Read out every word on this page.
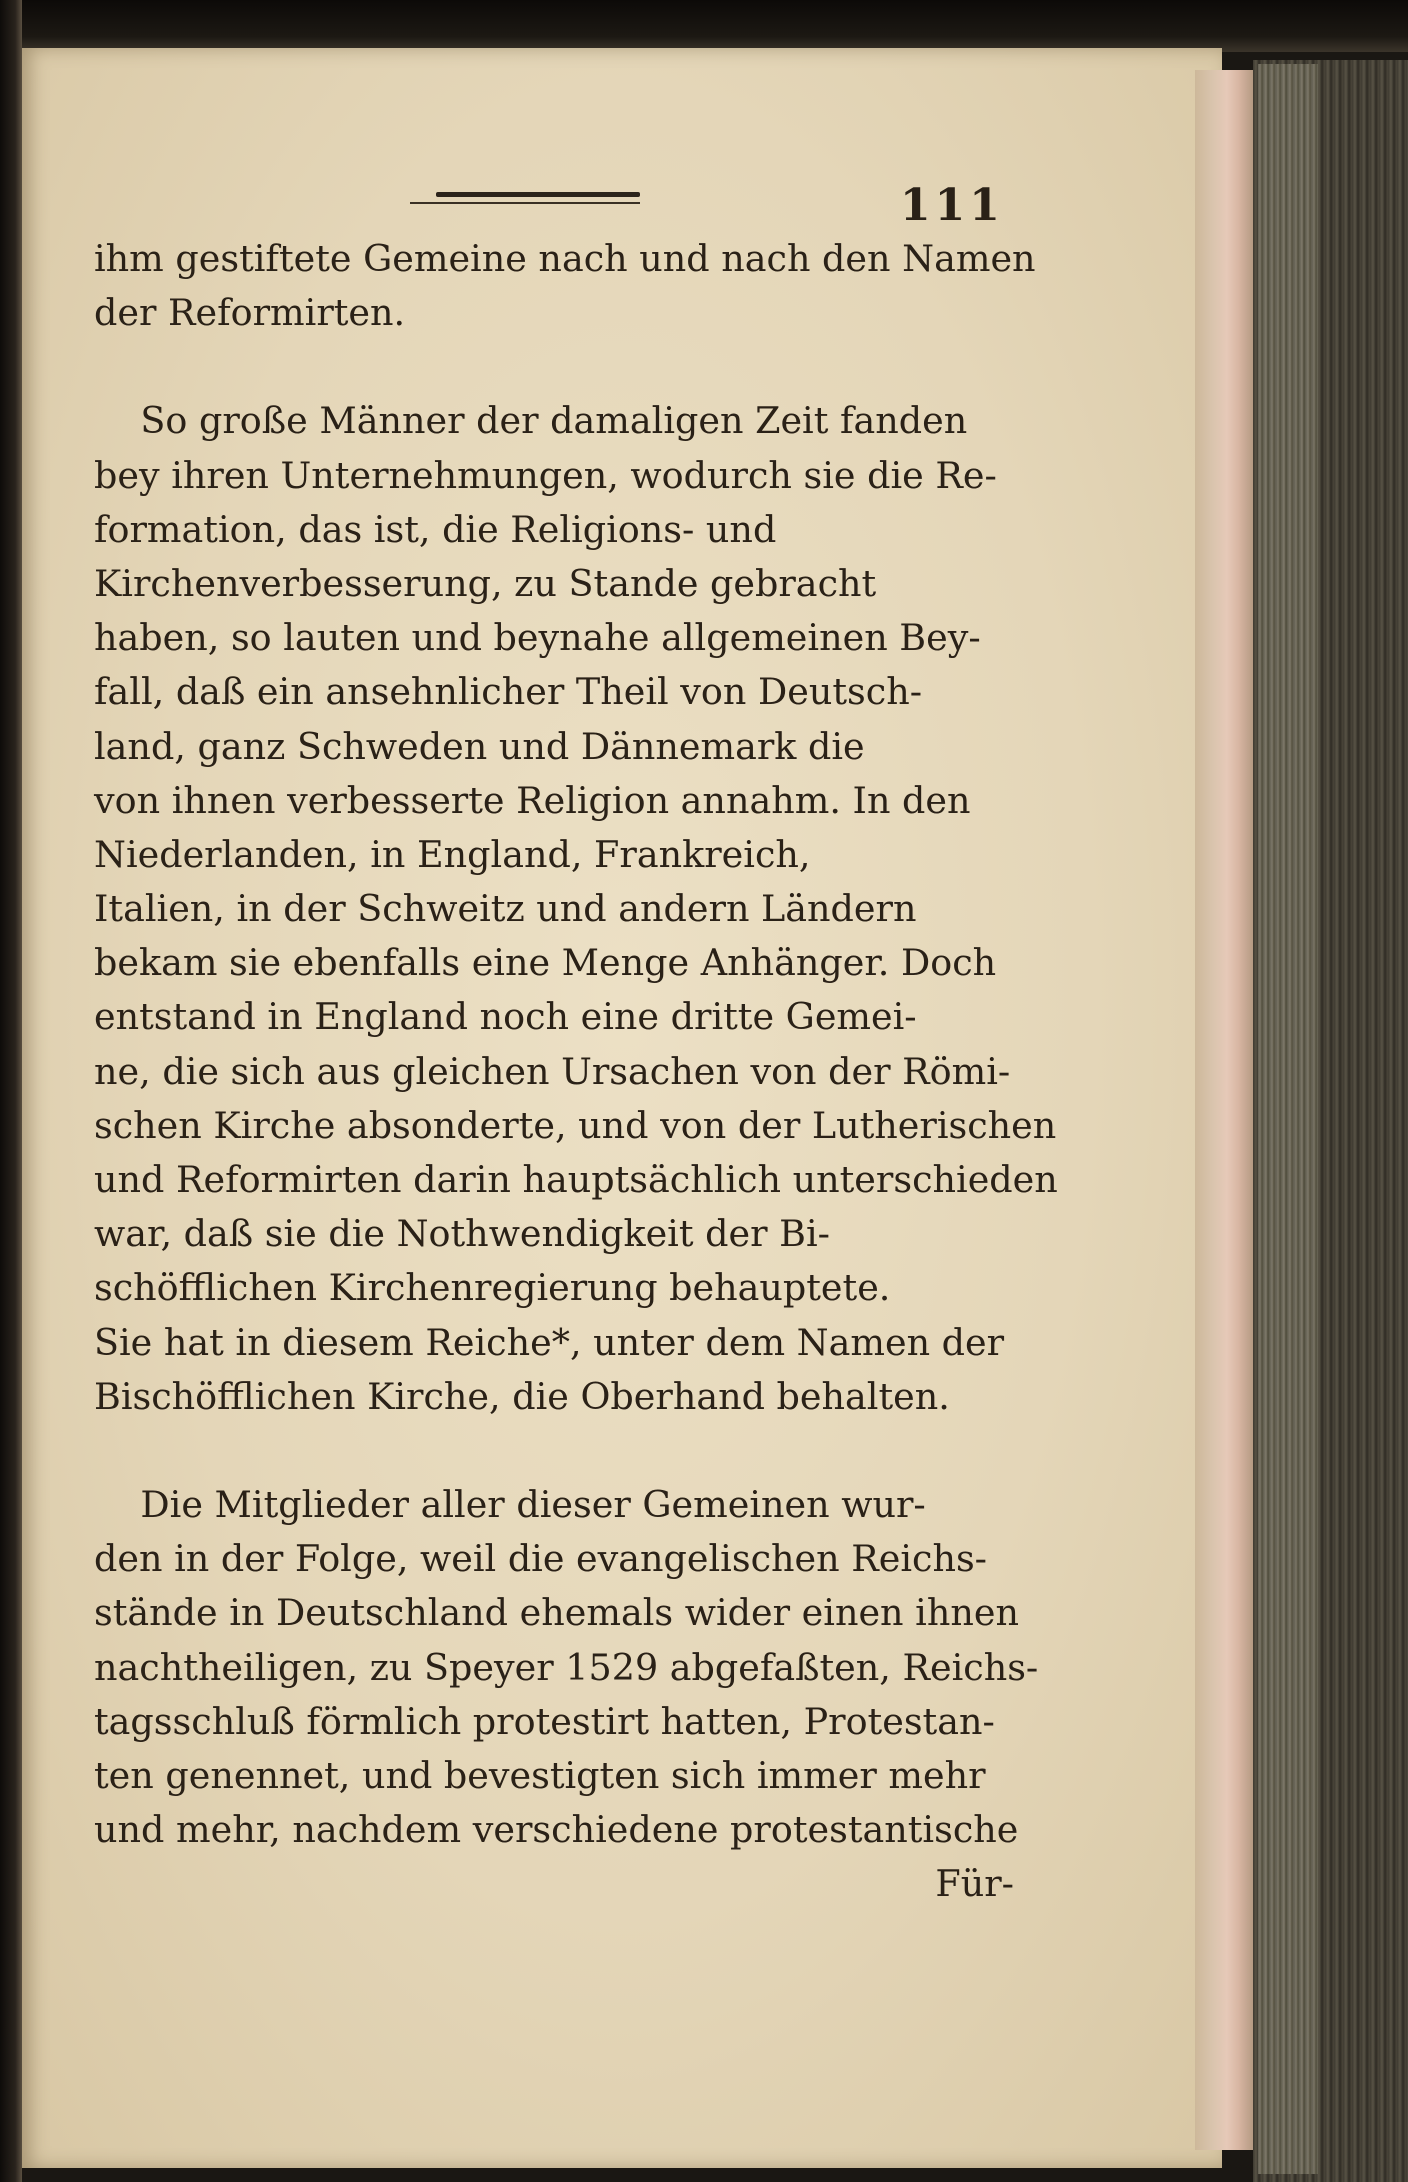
111
ihm gestiftete Gemeine nach und nach den Namen
der Reformirten.
So große Männer der damaligen Zeit fanden
bey ihren Unternehmungen, wodurch sie die Re-
formation, das ist, die Religions- und
Kirchenverbesserung, zu Stande gebracht
haben, so lauten und beynahe allgemeinen Bey-
fall, daß ein ansehnlicher Theil von Deutsch-
land, ganz Schweden und Dännemark die
von ihnen verbesserte Religion annahm. In den
Niederlanden, in England, Frankreich,
Italien, in der Schweitz und andern Ländern
bekam sie ebenfalls eine Menge Anhänger. Doch
entstand in England noch eine dritte Gemei-
ne, die sich aus gleichen Ursachen von der Römi-
schen Kirche absonderte, und von der Lutherischen
und Reformirten darin hauptsächlich unterschieden
war, daß sie die Nothwendigkeit der Bi-
schöfflichen Kirchenregierung behauptete.
Sie hat in diesem Reiche*, unter dem Namen der
Bischöfflichen Kirche, die Oberhand behalten.
Die Mitglieder aller dieser Gemeinen wur-
den in der Folge, weil die evangelischen Reichs-
stände in Deutschland ehemals wider einen ihnen
nachtheiligen, zu Speyer 1529 abgefaßten, Reichs-
tagsschluß förmlich protestirt hatten, Protestan-
ten genennet, und bevestigten sich immer mehr
und mehr, nachdem verschiedene protestantische
Für-
